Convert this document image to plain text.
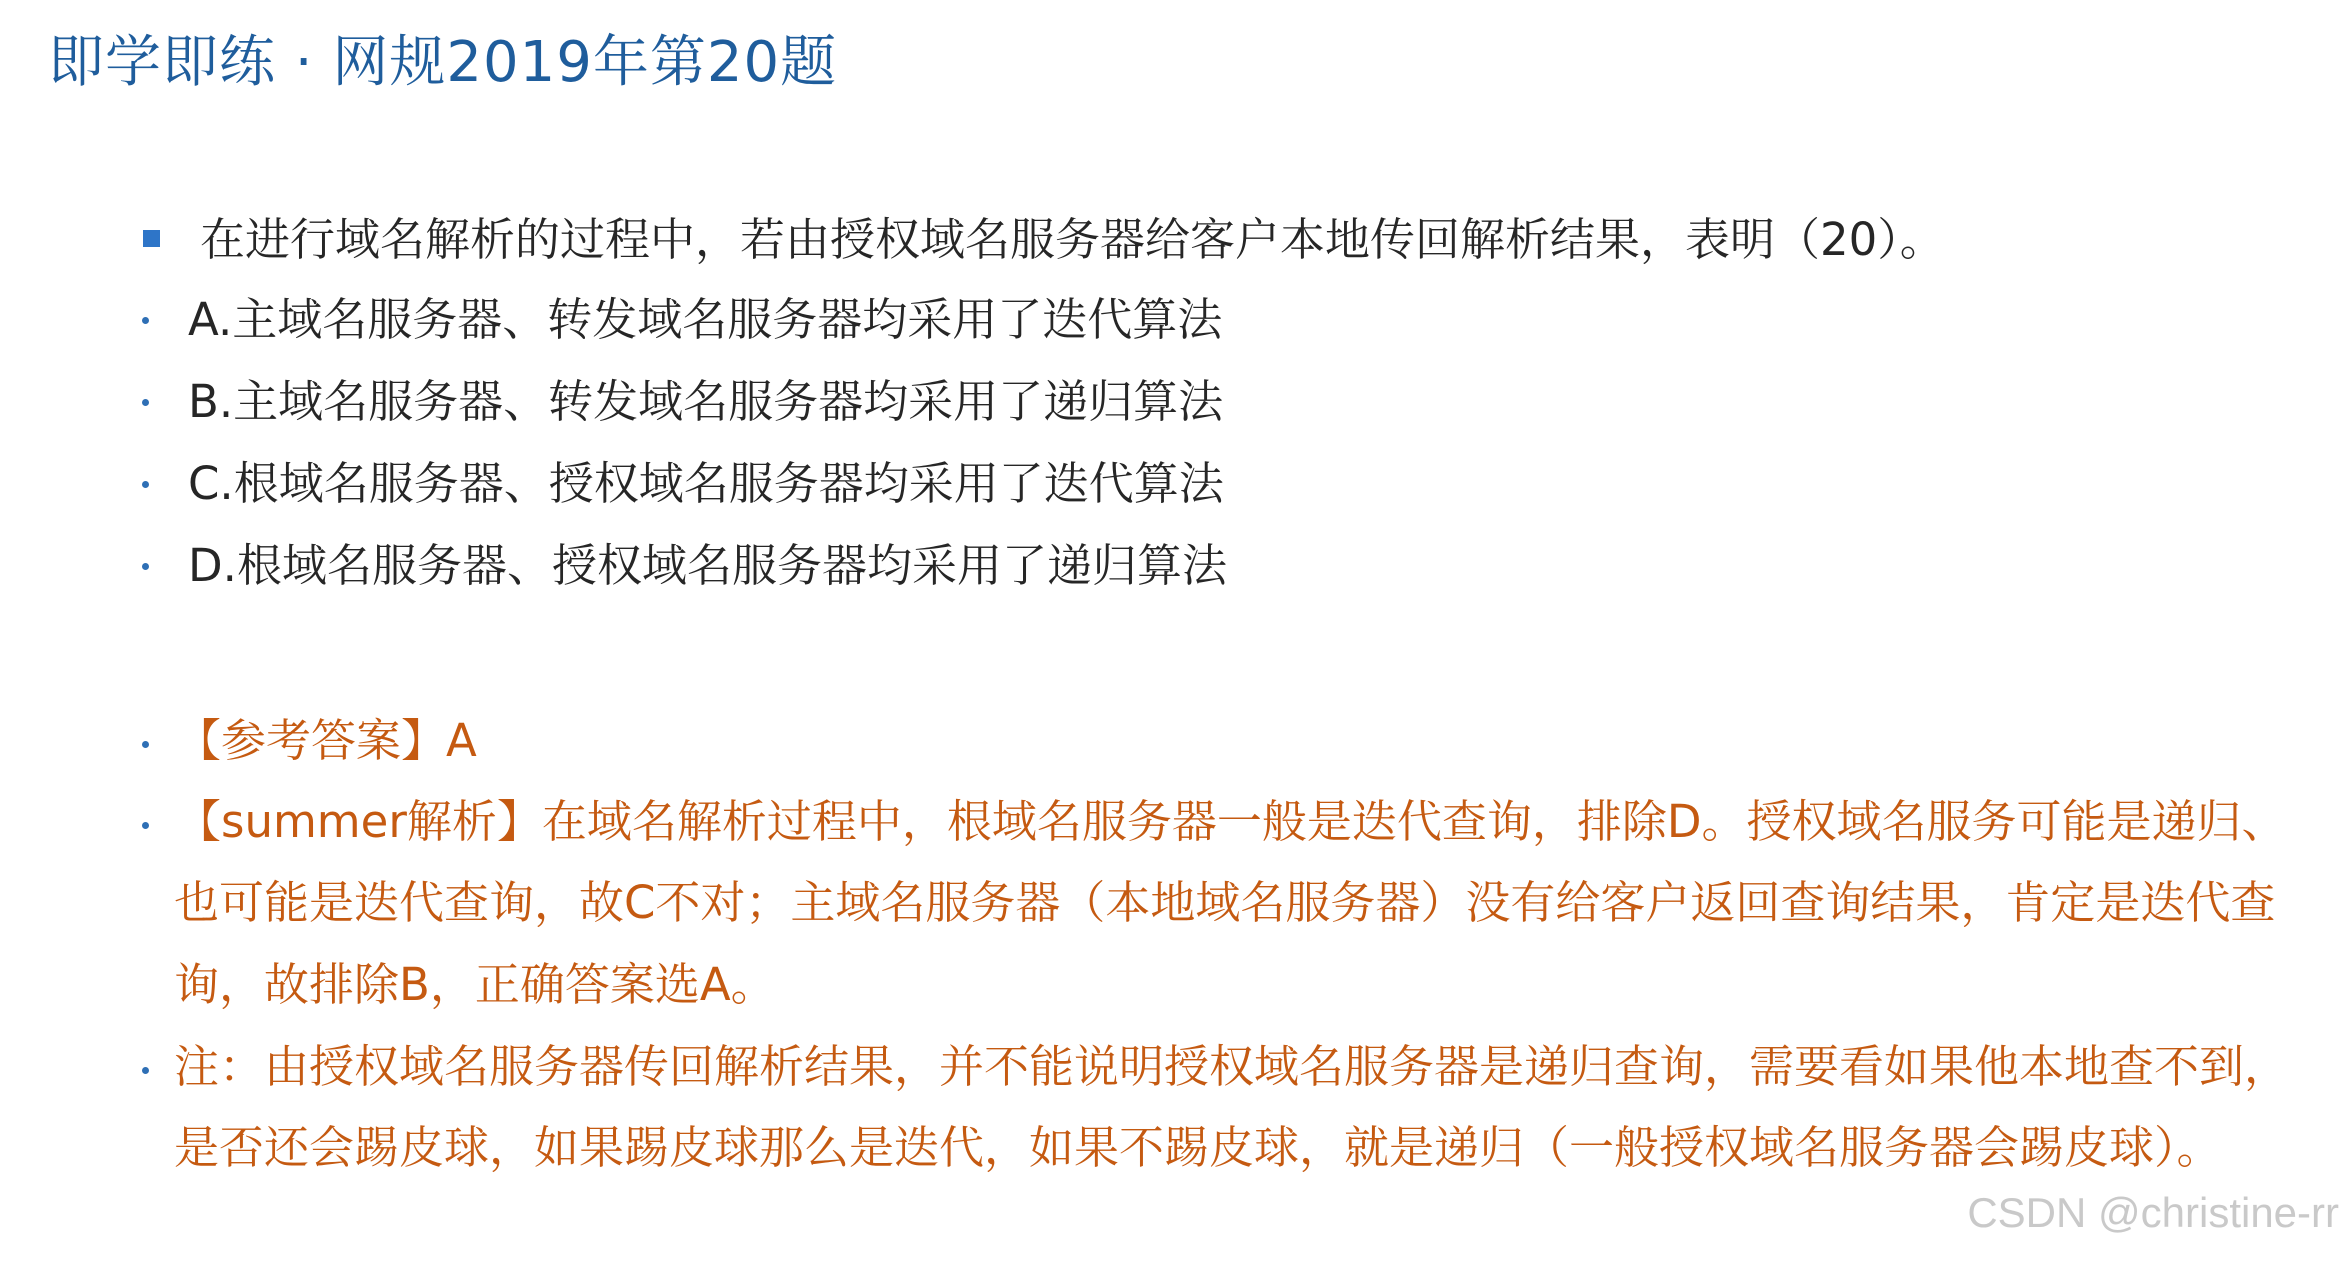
即学即练 · 网规2019年第20题
在进行域名解析的过程中，若由授权域名服务器给客户本地传回解析结果，表明（20）。
A.主域名服务器、转发域名服务器均采用了迭代算法
B.主域名服务器、转发域名服务器均采用了递归算法
C.根域名服务器、授权域名服务器均采用了迭代算法
D.根域名服务器、授权域名服务器均采用了递归算法
【参考答案】A
【summer解析】在域名解析过程中，根域名服务器一般是迭代查询，排除D。授权域名服务可能是递归、
也可能是迭代查询，故C不对；主域名服务器（本地域名服务器）没有给客户返回查询结果，肯定是迭代查
询，故排除B，正确答案选A。
注：由授权域名服务器传回解析结果，并不能说明授权域名服务器是递归查询，需要看如果他本地查不到，
是否还会踢皮球，如果踢皮球那么是迭代，如果不踢皮球，就是递归（一般授权域名服务器会踢皮球）。
CSDN @christine-rr
